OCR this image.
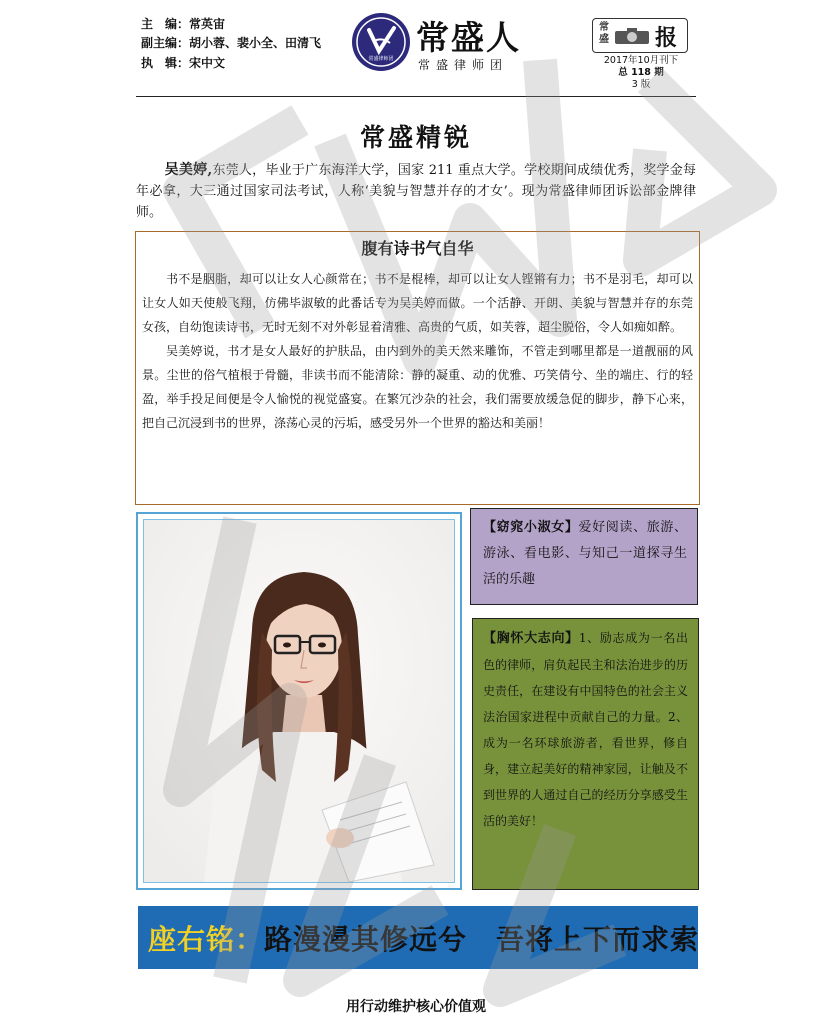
主　编：常英宙
副主编：胡小蓉、裴小全、田清飞
执　辑：宋中文	常盛律师团
常盛人
常盛律师团
常
盛 报
2017年10月刊下
总 118 期
3 版
常盛精锐
吴美婷,东莞人，毕业于广东海洋大学，国家 211 重点大学。学校期间成绩优秀，奖学金每年必拿，大三通过国家司法考试，人称‘美貌与智慧并存的才女’。现为常盛律师团诉讼部金牌律师。
腹有诗书气自华

书不是胭脂，却可以让女人心颜常在；书不是棍棒，却可以让女人铿锵有力；书不是羽毛，却可以让女人如天使般飞翔，仿佛毕淑敏的此番话专为吴美婷而做。一个活静、开朗、美貌与智慧并存的东莞女孩，自幼饱读诗书，无时无刻不对外彰显着清雅、高贵的气质，如芙蓉，超尘脱俗，令人如痴如醉。

吴美婷说，书才是女人最好的护肤品，由内到外的美天然来雕饰，不管走到哪里都是一道靓丽的风景。尘世的俗气植根于骨髓，非读书而不能清除：静的凝重、动的优雅、巧笑倩兮、坐的端庄、行的轻盈，举手投足间便是令人愉悦的视觉盛宴。在繁冗沙杂的社会，我们需要放缓急促的脚步，静下心来，把自己沉浸到书的世界，涤荡心灵的污垢，感受另外一个世界的豁达和美丽！

【窈窕小淑女】爱好阅读、旅游、游泳、看电影、与知己一道探寻生活的乐趣
【胸怀大志向】1、励志成为一名出色的律师，肩负起民主和法治进步的历史责任，在建设有中国特色的社会主义法治国家进程中贡献自己的力量。2、成为一名环球旅游者，看世界，修自身，建立起美好的精神家园，让触及不到世界的人通过自己的经历分享感受生活的美好！
座右铭：路漫漫其修远兮　吾将上下而求索
用行动维护核心价值观
